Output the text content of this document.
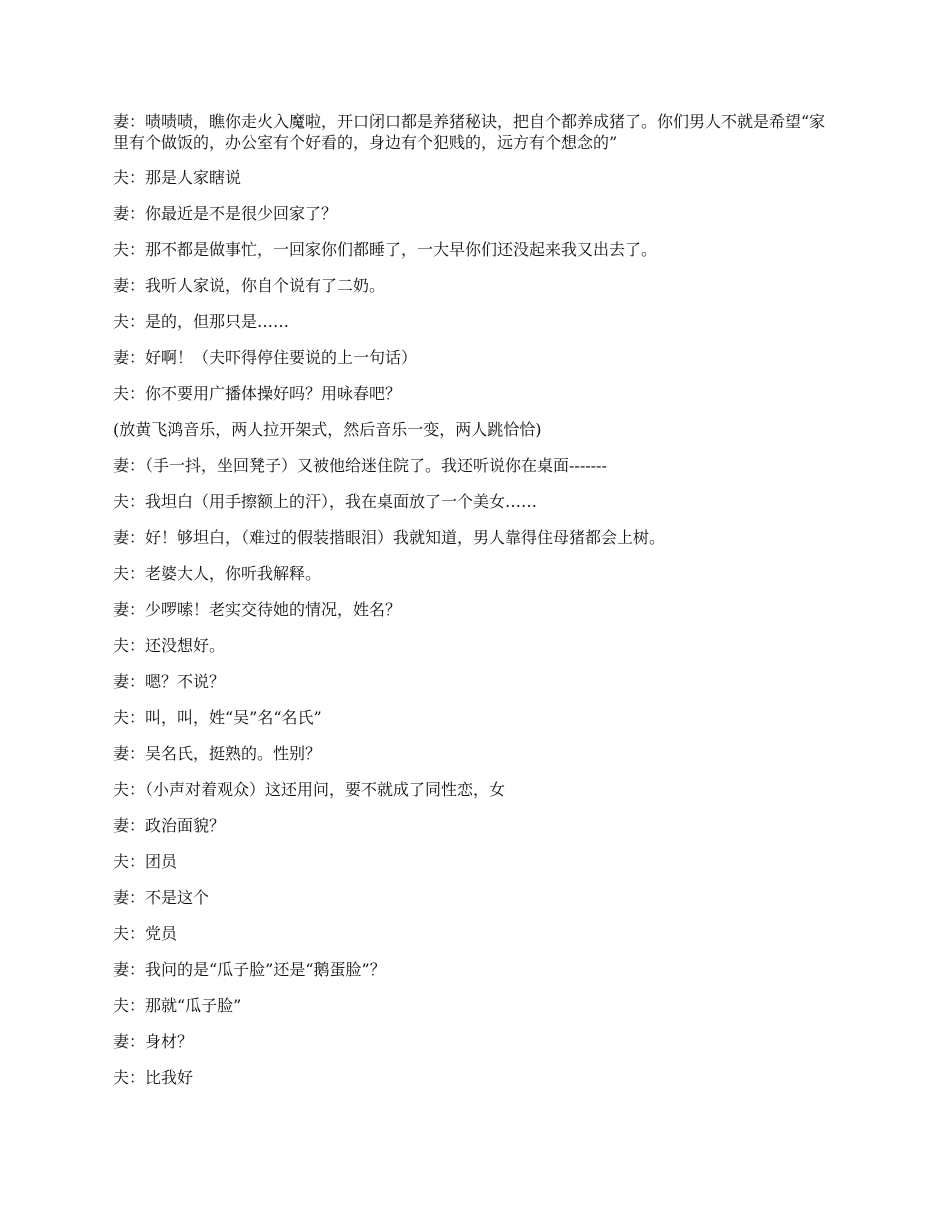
妻：啧啧啧，瞧你走火入魔啦，开口闭口都是养猪秘诀，把自个都养成猪了。你们男人不就是希望“家里有个做饭的，办公室有个好看的，身边有个犯贱的，远方有个想念的”

夫：那是人家瞎说

妻：你最近是不是很少回家了？

夫：那不都是做事忙，一回家你们都睡了，一大早你们还没起来我又出去了。

妻：我听人家说，你自个说有了二奶。

夫：是的，但那只是……

妻：好啊！（夫吓得停住要说的上一句话）

夫：你不要用广播体操好吗？用咏春吧？

(放黄飞鸿音乐，两人拉开架式，然后音乐一变，两人跳恰恰)

妻：（手一抖，坐回凳子）又被他给迷住院了。我还听说你在桌面-------

夫：我坦白（用手擦额上的汗），我在桌面放了一个美女……

妻：好！够坦白，（难过的假装揩眼泪）我就知道，男人靠得住母猪都会上树。

夫：老婆大人，你听我解释。

妻：少啰嗦！老实交待她的情况，姓名？

夫：还没想好。

妻：嗯？不说？

夫：叫，叫，姓“吴”名“名氏”

妻：吴名氏，挺熟的。性别？

夫：（小声对着观众）这还用问，要不就成了同性恋，女

妻：政治面貌？

夫：团员

妻：不是这个

夫：党员

妻：我问的是“瓜子脸”还是“鹅蛋脸”？

夫：那就“瓜子脸”

妻：身材？

夫：比我好
